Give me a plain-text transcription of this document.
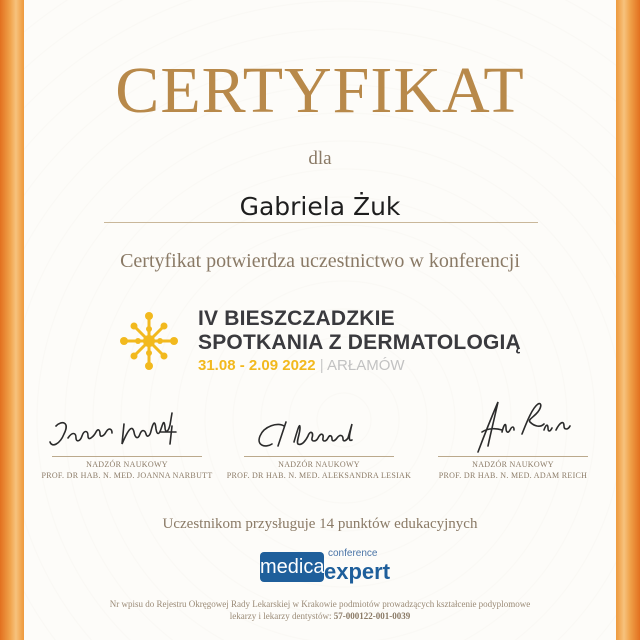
CERTYFIKAT
dla
Gabriela Żuk
Certyfikat potwierdza uczestnictwo w konferencji
IV BIESZCZADZKIE
SPOTKANIA Z DERMATOLOGIĄ
31.08 - 2.09 2022 | ARŁAMÓW
NADZÓR NAUKOWY
PROF. DR HAB. N. MED. JOANNA NARBUTT
NADZÓR NAUKOWY
PROF. DR HAB. N. MED. ALEKSANDRA LESIAK
NADZÓR NAUKOWY
PROF. DR HAB. N. MED. ADAM REICH
Uczestnikom przysługuje 14 punktów edukacyjnych
medica
conference
expert
Nr wpisu do Rejestru Okręgowej Rady Lekarskiej w Krakowie podmiotów prowadzących kształcenie podyplomowe
lekarzy i lekarzy dentystów: 57-000122-001-0039
